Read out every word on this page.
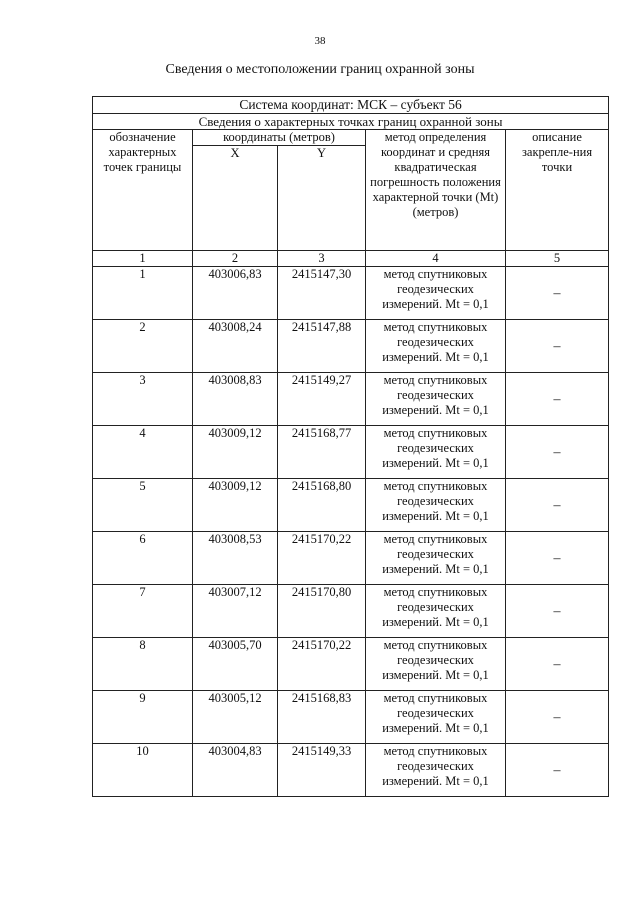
38
Сведения о местоположении границ охранной зоны
Система координат: МСК – субъект 56				
Сведения о характерных точках границ охранной зоны				
обозначение характерных точек границы	координаты (метров)		метод определения координат и средняя квадратическая погрешность положения характерной точки (Mt) (метров)	описание закрепле-ния точки
	X	Y		
1	2	3	4	5
1	403006,83	2415147,30	метод спутниковых геодезических измерений. Mt = 0,1	–
2	403008,24	2415147,88	метод спутниковых геодезических измерений. Mt = 0,1	–
3	403008,83	2415149,27	метод спутниковых геодезических измерений. Mt = 0,1	–
4	403009,12	2415168,77	метод спутниковых геодезических измерений. Mt = 0,1	–
5	403009,12	2415168,80	метод спутниковых геодезических измерений. Mt = 0,1	–
6	403008,53	2415170,22	метод спутниковых геодезических измерений. Mt = 0,1	–
7	403007,12	2415170,80	метод спутниковых геодезических измерений. Mt = 0,1	–
8	403005,70	2415170,22	метод спутниковых геодезических измерений. Mt = 0,1	–
9	403005,12	2415168,83	метод спутниковых геодезических измерений. Mt = 0,1	–
10	403004,83	2415149,33	метод спутниковых геодезических измерений. Mt = 0,1	–
